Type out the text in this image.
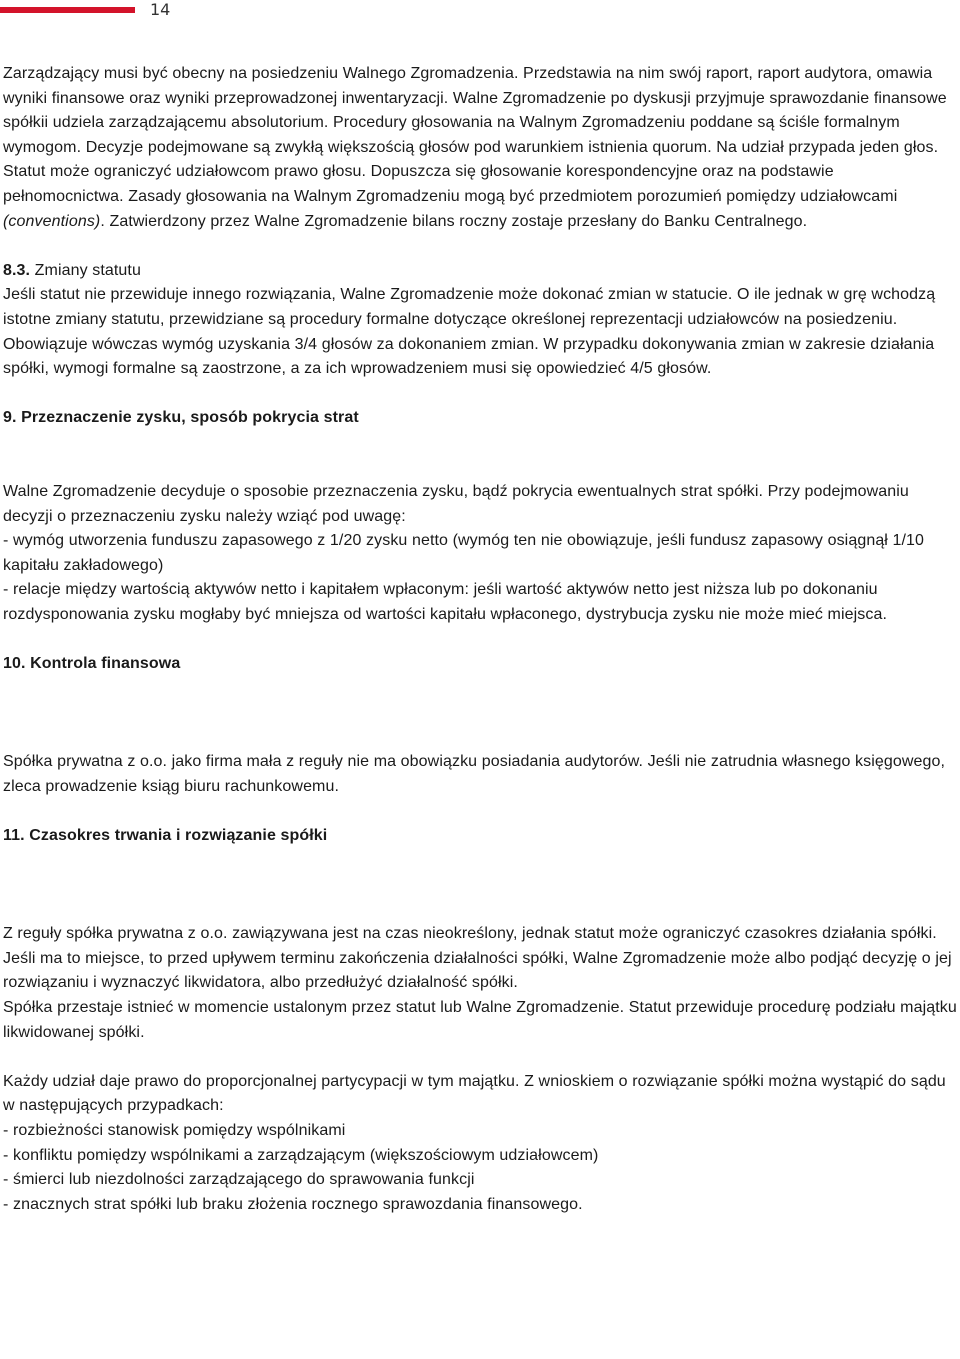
14

Zarządzający musi być obecny na posiedzeniu Walnego Zgromadzenia. Przedstawia na nim swój raport, raport audytora, omawia wyniki finansowe oraz wyniki przeprowadzonej inwentaryzacji. Walne Zgromadzenie po dyskusji przyjmuje sprawozdanie finansowe spółkii udziela zarządzającemu absolutorium. Procedury głosowania na Walnym Zgromadzeniu poddane są ściśle formalnym wymogom. Decyzje podejmowane są zwykłą większością głosów pod warunkiem istnienia quorum. Na udział przypada jeden głos. Statut może ograniczyć udziałowcom prawo głosu. Dopuszcza się głosowanie korespondencyjne oraz na podstawie pełnomocnictwa. Zasady głosowania na Walnym Zgromadzeniu mogą być przedmiotem porozumień pomiędzy udziałowcami (conventions). Zatwierdzony przez Walne Zgromadzenie bilans roczny zostaje przesłany do Banku Centralnego.

8.3. Zmiany statutu

Jeśli statut nie przewiduje innego rozwiązania, Walne Zgromadzenie może dokonać zmian w statucie. O ile jednak w grę wchodzą istotne zmiany statutu, przewidziane są procedury formalne dotyczące określonej reprezentacji udziałowców na posiedzeniu.

Obowiązuje wówczas wymóg uzyskania 3/4 głosów za dokonaniem zmian. W przypadku dokonywania zmian w zakresie działania spółki, wymogi formalne są zaostrzone, a za ich wprowadzeniem musi się opowiedzieć 4/5 głosów.

9. Przeznaczenie zysku, sposób pokrycia strat

Walne Zgromadzenie decyduje o sposobie przeznaczenia zysku, bądź pokrycia ewentualnych strat spółki. Przy podejmowaniu decyzji o przeznaczeniu zysku należy wziąć pod uwagę:

- wymóg utworzenia funduszu zapasowego z 1/20 zysku netto (wymóg ten nie obowiązuje, jeśli fundusz zapasowy osiągnął 1/10 kapitału zakładowego)

- relacje między wartością aktywów netto i kapitałem wpłaconym: jeśli wartość aktywów netto jest niższa lub po dokonaniu rozdysponowania zysku mogłaby być mniejsza od wartości kapitału wpłaconego, dystrybucja zysku nie może mieć miejsca.

10. Kontrola finansowa

Spółka prywatna z o.o. jako firma mała z reguły nie ma obowiązku posiadania audytorów. Jeśli nie zatrudnia własnego księgowego, zleca prowadzenie ksiąg biuru rachunkowemu.

11. Czasokres trwania i rozwiązanie spółki

Z reguły spółka prywatna z o.o. zawiązywana jest na czas nieokreślony, jednak statut może ograniczyć czasokres działania spółki. Jeśli ma to miejsce, to przed upływem terminu zakończenia działalności spółki, Walne Zgromadzenie może albo podjąć decyzję o jej rozwiązaniu i wyznaczyć likwidatora, albo przedłużyć działalność spółki.

Spółka przestaje istnieć w momencie ustalonym przez statut lub Walne Zgromadzenie. Statut przewiduje procedurę podziału majątku likwidowanej spółki.

Każdy udział daje prawo do proporcjonalnej partycypacji w tym majątku. Z wnioskiem o rozwiązanie spółki można wystąpić do sądu w następujących przypadkach:

- rozbieżności stanowisk pomiędzy wspólnikami

- konfliktu pomiędzy wspólnikami a zarządzającym (większościowym udziałowcem)

- śmierci lub niezdolności zarządzającego do sprawowania funkcji

- znacznych strat spółki lub braku złożenia rocznego sprawozdania finansowego.
